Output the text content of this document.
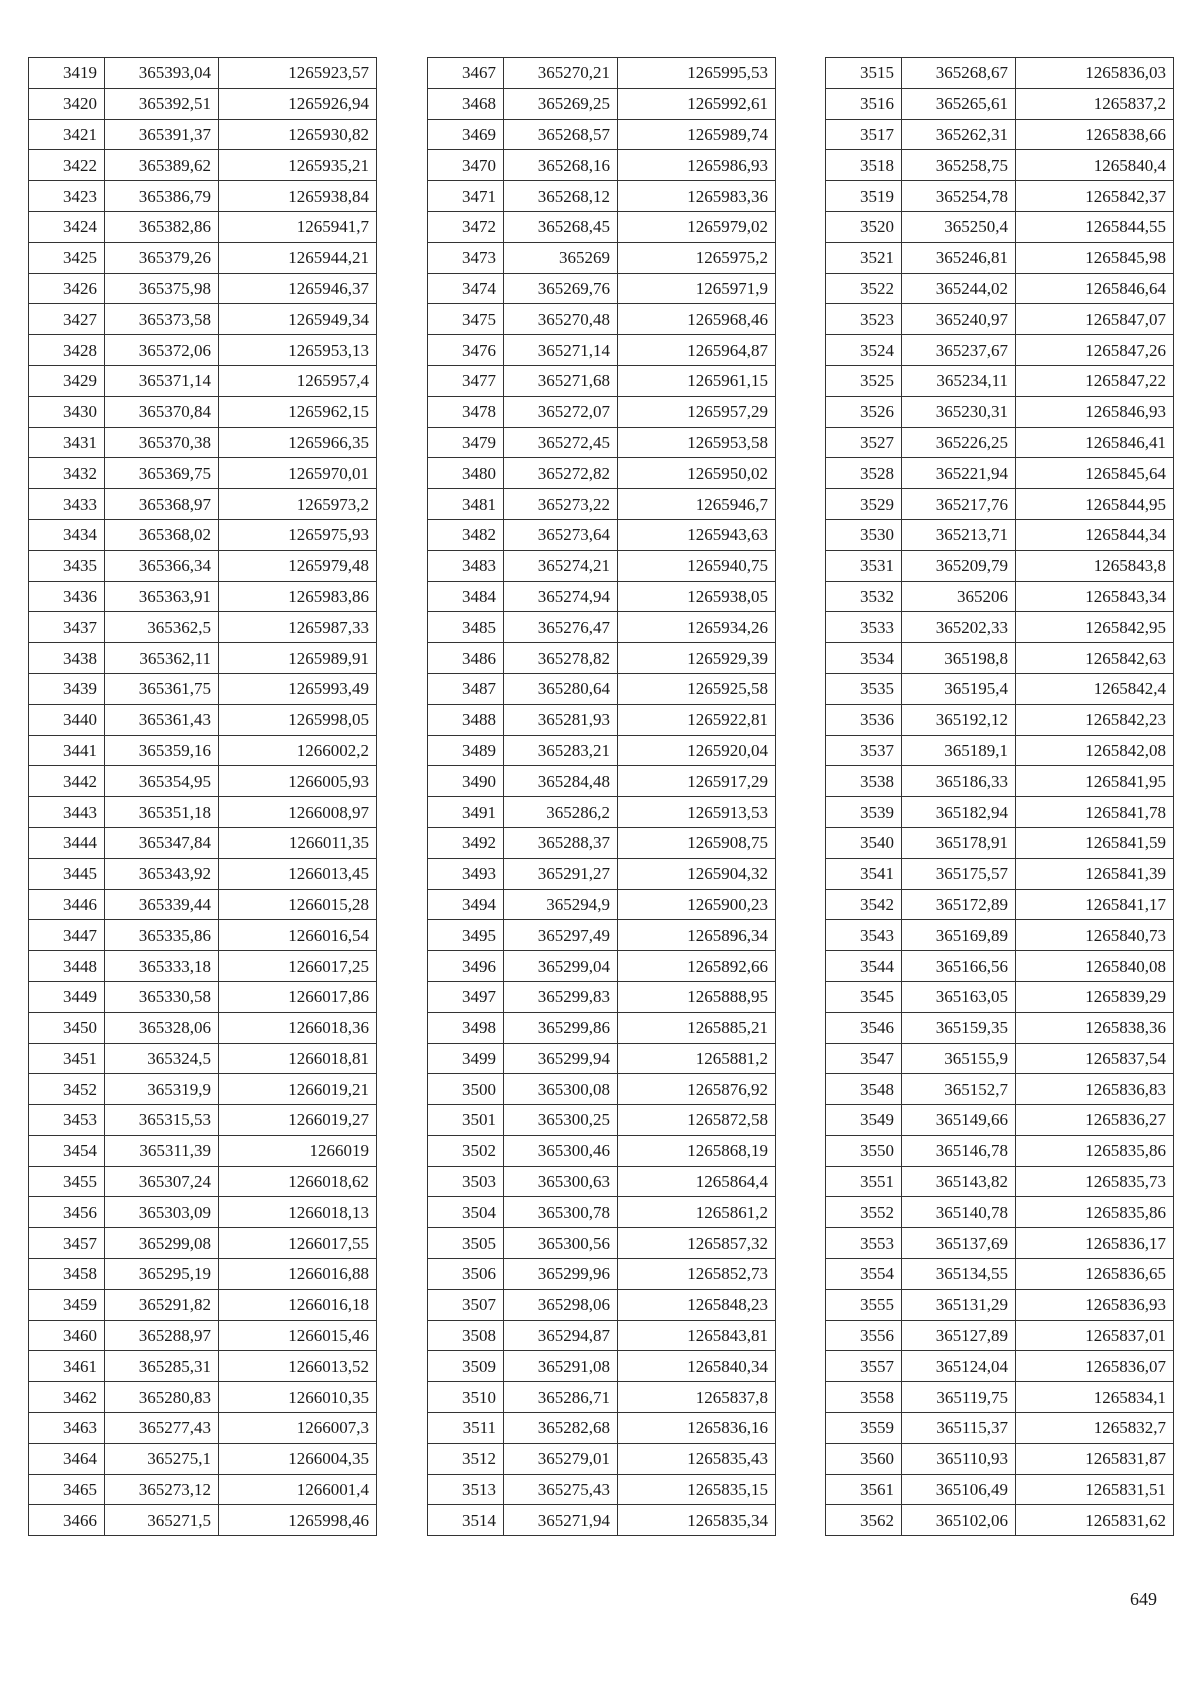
3419	365393,04	1265923,57
3420	365392,51	1265926,94
3421	365391,37	1265930,82
3422	365389,62	1265935,21
3423	365386,79	1265938,84
3424	365382,86	1265941,7
3425	365379,26	1265944,21
3426	365375,98	1265946,37
3427	365373,58	1265949,34
3428	365372,06	1265953,13
3429	365371,14	1265957,4
3430	365370,84	1265962,15
3431	365370,38	1265966,35
3432	365369,75	1265970,01
3433	365368,97	1265973,2
3434	365368,02	1265975,93
3435	365366,34	1265979,48
3436	365363,91	1265983,86
3437	365362,5	1265987,33
3438	365362,11	1265989,91
3439	365361,75	1265993,49
3440	365361,43	1265998,05
3441	365359,16	1266002,2
3442	365354,95	1266005,93
3443	365351,18	1266008,97
3444	365347,84	1266011,35
3445	365343,92	1266013,45
3446	365339,44	1266015,28
3447	365335,86	1266016,54
3448	365333,18	1266017,25
3449	365330,58	1266017,86
3450	365328,06	1266018,36
3451	365324,5	1266018,81
3452	365319,9	1266019,21
3453	365315,53	1266019,27
3454	365311,39	1266019
3455	365307,24	1266018,62
3456	365303,09	1266018,13
3457	365299,08	1266017,55
3458	365295,19	1266016,88
3459	365291,82	1266016,18
3460	365288,97	1266015,46
3461	365285,31	1266013,52
3462	365280,83	1266010,35
3463	365277,43	1266007,3
3464	365275,1	1266004,35
3465	365273,12	1266001,4
3466	365271,5	1265998,46
3467	365270,21	1265995,53
3468	365269,25	1265992,61
3469	365268,57	1265989,74
3470	365268,16	1265986,93
3471	365268,12	1265983,36
3472	365268,45	1265979,02
3473	365269	1265975,2
3474	365269,76	1265971,9
3475	365270,48	1265968,46
3476	365271,14	1265964,87
3477	365271,68	1265961,15
3478	365272,07	1265957,29
3479	365272,45	1265953,58
3480	365272,82	1265950,02
3481	365273,22	1265946,7
3482	365273,64	1265943,63
3483	365274,21	1265940,75
3484	365274,94	1265938,05
3485	365276,47	1265934,26
3486	365278,82	1265929,39
3487	365280,64	1265925,58
3488	365281,93	1265922,81
3489	365283,21	1265920,04
3490	365284,48	1265917,29
3491	365286,2	1265913,53
3492	365288,37	1265908,75
3493	365291,27	1265904,32
3494	365294,9	1265900,23
3495	365297,49	1265896,34
3496	365299,04	1265892,66
3497	365299,83	1265888,95
3498	365299,86	1265885,21
3499	365299,94	1265881,2
3500	365300,08	1265876,92
3501	365300,25	1265872,58
3502	365300,46	1265868,19
3503	365300,63	1265864,4
3504	365300,78	1265861,2
3505	365300,56	1265857,32
3506	365299,96	1265852,73
3507	365298,06	1265848,23
3508	365294,87	1265843,81
3509	365291,08	1265840,34
3510	365286,71	1265837,8
3511	365282,68	1265836,16
3512	365279,01	1265835,43
3513	365275,43	1265835,15
3514	365271,94	1265835,34
3515	365268,67	1265836,03
3516	365265,61	1265837,2
3517	365262,31	1265838,66
3518	365258,75	1265840,4
3519	365254,78	1265842,37
3520	365250,4	1265844,55
3521	365246,81	1265845,98
3522	365244,02	1265846,64
3523	365240,97	1265847,07
3524	365237,67	1265847,26
3525	365234,11	1265847,22
3526	365230,31	1265846,93
3527	365226,25	1265846,41
3528	365221,94	1265845,64
3529	365217,76	1265844,95
3530	365213,71	1265844,34
3531	365209,79	1265843,8
3532	365206	1265843,34
3533	365202,33	1265842,95
3534	365198,8	1265842,63
3535	365195,4	1265842,4
3536	365192,12	1265842,23
3537	365189,1	1265842,08
3538	365186,33	1265841,95
3539	365182,94	1265841,78
3540	365178,91	1265841,59
3541	365175,57	1265841,39
3542	365172,89	1265841,17
3543	365169,89	1265840,73
3544	365166,56	1265840,08
3545	365163,05	1265839,29
3546	365159,35	1265838,36
3547	365155,9	1265837,54
3548	365152,7	1265836,83
3549	365149,66	1265836,27
3550	365146,78	1265835,86
3551	365143,82	1265835,73
3552	365140,78	1265835,86
3553	365137,69	1265836,17
3554	365134,55	1265836,65
3555	365131,29	1265836,93
3556	365127,89	1265837,01
3557	365124,04	1265836,07
3558	365119,75	1265834,1
3559	365115,37	1265832,7
3560	365110,93	1265831,87
3561	365106,49	1265831,51
3562	365102,06	1265831,62
649
